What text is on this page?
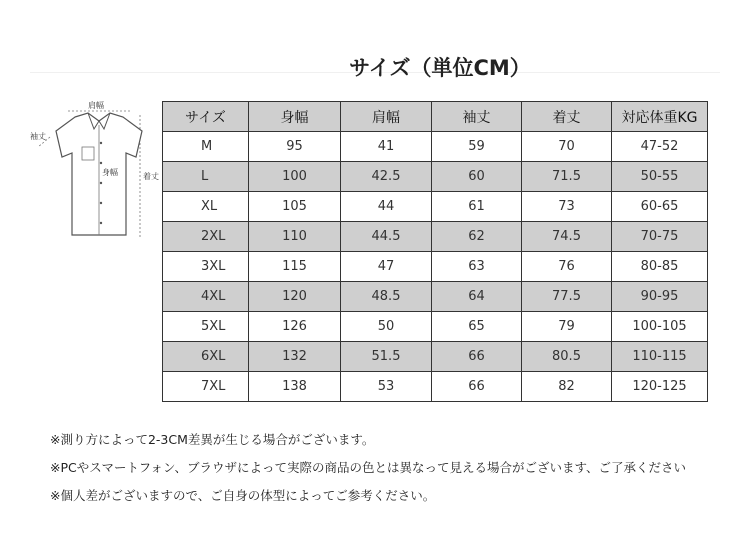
サイズ（単位CM）
肩幅
袖丈
身幅	着丈
サイズ	身幅	肩幅	袖丈	着丈	対応体重KG
M	95	41	59	70	47-52
L	100	42.5	60	71.5	50-55
XL	105	44	61	73	60-65
2XL	110	44.5	62	74.5	70-75
3XL	115	47	63	76	80-85
4XL	120	48.5	64	77.5	90-95
5XL	126	50	65	79	100-105
6XL	132	51.5	66	80.5	110-115
7XL	138	53	66	82	120-125
※測り方によって2-3CM差異が生じる場合がございます。
※PCやスマートフォン、ブラウザによって実際の商品の色とは異なって見える場合がございます、ご了承ください
※個人差がございますので、ご自身の体型によってご参考ください。
